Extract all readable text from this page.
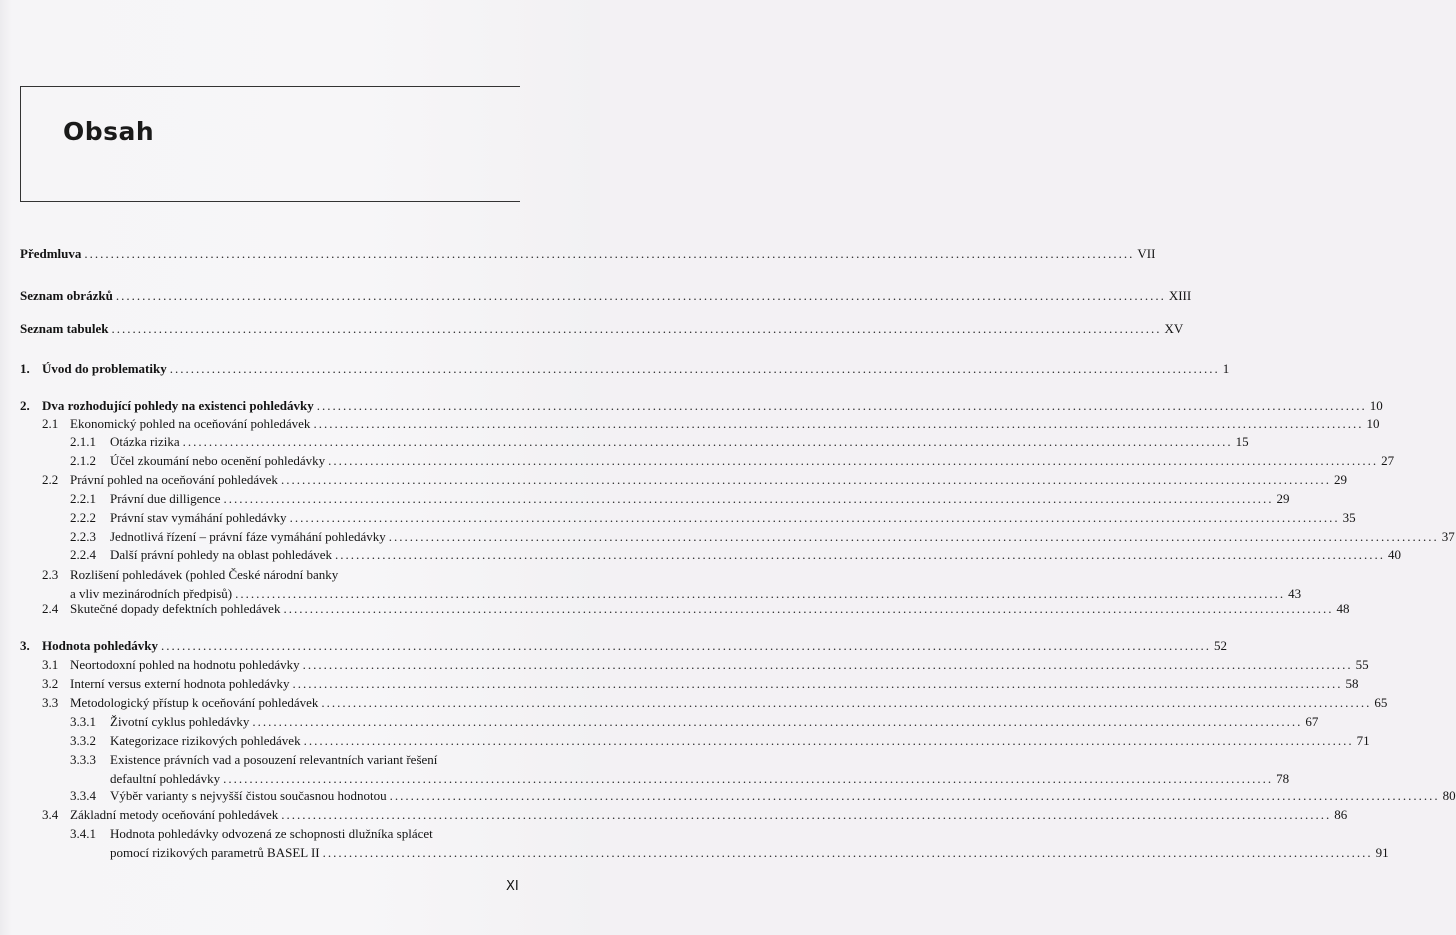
Obsah
Předmluva ........................................................................................................................................................................................................ VII
Seznam obrázků ........................................................................................................................................................................................................ XIII
Seznam tabulek ........................................................................................................................................................................................................ XV
1. Úvod do problematiky ........................................................................................................................................................................................................ 1
2. Dva rozhodující pohledy na existenci pohledávky ........................................................................................................................................................................................................ 10
2.1 Ekonomický pohled na oceňování pohledávek ........................................................................................................................................................................................................ 10
2.1.1 Otázka rizika ........................................................................................................................................................................................................ 15
2.1.2 Účel zkoumání nebo ocenění pohledávky ........................................................................................................................................................................................................ 27
2.2 Právní pohled na oceňování pohledávek ........................................................................................................................................................................................................ 29
2.2.1 Právní due dilligence ........................................................................................................................................................................................................ 29
2.2.2 Právní stav vymáhání pohledávky ........................................................................................................................................................................................................ 35
2.2.3 Jednotlivá řízení – právní fáze vymáhání pohledávky ........................................................................................................................................................................................................ 37
2.2.4 Další právní pohledy na oblast pohledávek ........................................................................................................................................................................................................ 40
2.3 Rozlišení pohledávek (pohled České národní banky
a vliv mezinárodních předpisů) ........................................................................................................................................................................................................ 43
2.4 Skutečné dopady defektních pohledávek ........................................................................................................................................................................................................ 48
3. Hodnota pohledávky ........................................................................................................................................................................................................ 52
3.1 Neortodoxní pohled na hodnotu pohledávky ........................................................................................................................................................................................................ 55
3.2 Interní versus externí hodnota pohledávky ........................................................................................................................................................................................................ 58
3.3 Metodologický přístup k oceňování pohledávek ........................................................................................................................................................................................................ 65
3.3.1 Životní cyklus pohledávky ........................................................................................................................................................................................................ 67
3.3.2 Kategorizace rizikových pohledávek ........................................................................................................................................................................................................ 71
3.3.3 Existence právních vad a posouzení relevantních variant řešení
defaultní pohledávky ........................................................................................................................................................................................................ 78
3.3.4 Výběr varianty s nejvyšší čistou současnou hodnotou ........................................................................................................................................................................................................ 80
3.4 Základní metody oceňování pohledávek ........................................................................................................................................................................................................ 86
3.4.1 Hodnota pohledávky odvozená ze schopnosti dlužníka splácet
pomocí rizikových parametrů BASEL II ........................................................................................................................................................................................................ 91
XI
